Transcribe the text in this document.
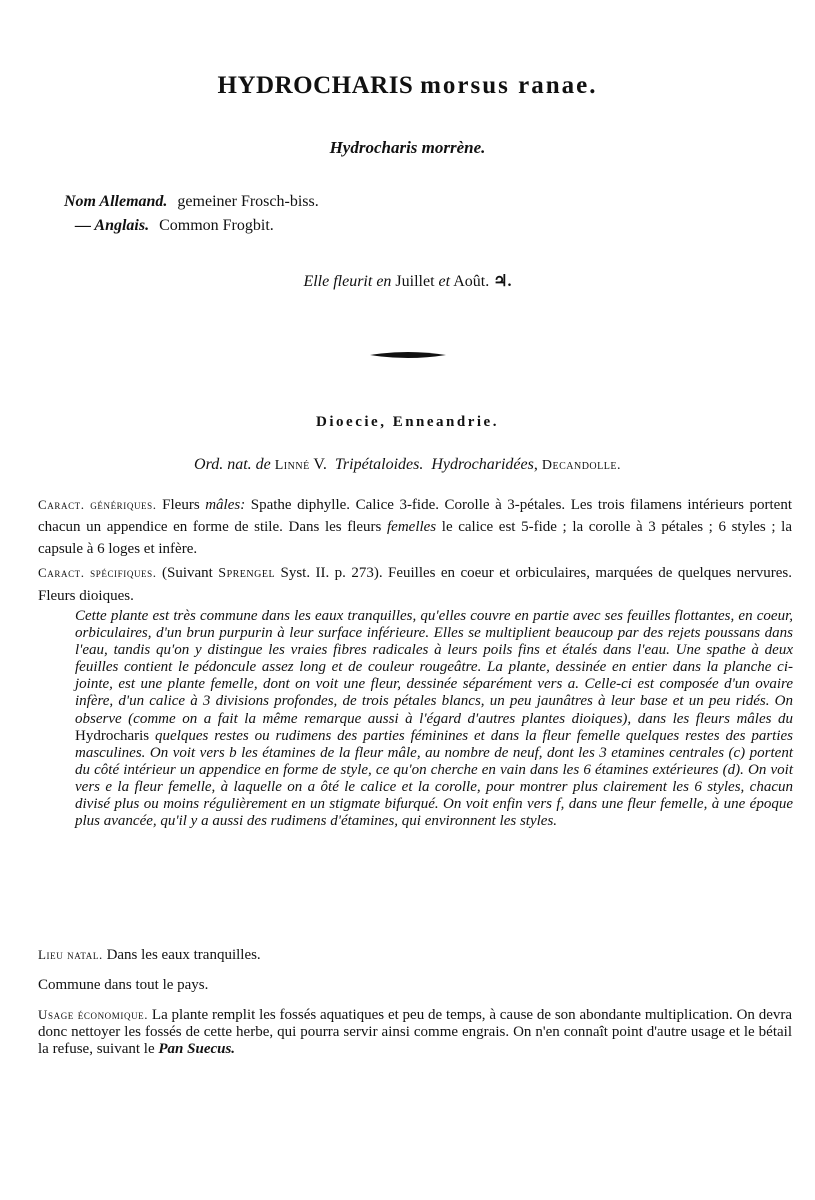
HYDROCHARIS morsus ranae.
Hydrocharis morrène.
Nom Allemand. gemeiner Frosch-biss.
— Anglais. Common Frogbit.
Elle fleurit en Juillet et Août. ♃.
Dioecie, Enneandrie.
Ord. nat. de Linné V. Tripétaloides. Hydrocharidées, Decandolle.
Caract. génériques. Fleurs mâles: Spathe diphylle. Calice 3-fide. Corolle à 3-pétales. Les trois filamens intérieurs portent chacun un appendice en forme de stile. Dans les fleurs femelles le calice est 5-fide ; la corolle à 3 pétales ; 6 styles ; la capsule à 6 loges et infère.
Caract. spécifiques. (Suivant Sprengel Syst. II. p. 273). Feuilles en coeur et orbiculaires, marquées de quelques nervures. Fleurs dioiques.
Cette plante est très commune dans les eaux tranquilles, qu'elles couvre en partie avec ses feuilles flottantes, en coeur, orbiculaires, d'un brun purpurin à leur surface inférieure. Elles se multiplient beaucoup par des rejets poussans dans l'eau, tandis qu'on y distingue les vraies fibres radicales à leurs poils fins et étalés dans l'eau. Une spathe à deux feuilles contient le pédoncule assez long et de couleur rougeâtre. La plante, dessinée en entier dans la planche ci-jointe, est une plante femelle, dont on voit une fleur, dessinée séparément vers a. Celle-ci est composée d'un ovaire infère, d'un calice à 3 divisions profondes, de trois pétales blancs, un peu jaunâtres à leur base et un peu ridés. On observe (comme on a fait la même remarque aussi à l'égard d'autres plantes dioiques), dans les fleurs mâles du Hydrocharis quelques restes ou rudimens des parties féminines et dans la fleur femelle quelques restes des parties masculines. On voit vers b les étamines de la fleur mâle, au nombre de neuf, dont les 3 etamines centrales (c) portent du côté intérieur un appendice en forme de style, ce qu'on cherche en vain dans les 6 étamines extérieures (d). On voit vers e la fleur femelle, à laquelle on a ôté le calice et la corolle, pour montrer plus clairement les 6 styles, chacun divisé plus ou moins régulièrement en un stigmate bifurqué. On voit enfin vers f, dans une fleur femelle, à une époque plus avancée, qu'il y a aussi des rudimens d'étamines, qui environnent les styles.
Lieu natal. Dans les eaux tranquilles.
Commune dans tout le pays.
Usage économique. La plante remplit les fossés aquatiques et peu de temps, à cause de son abondante multiplication. On devra donc nettoyer les fossés de cette herbe, qui pourra servir ainsi comme engrais. On n'en connaît point d'autre usage et le bétail la refuse, suivant le Pan Suecus.
